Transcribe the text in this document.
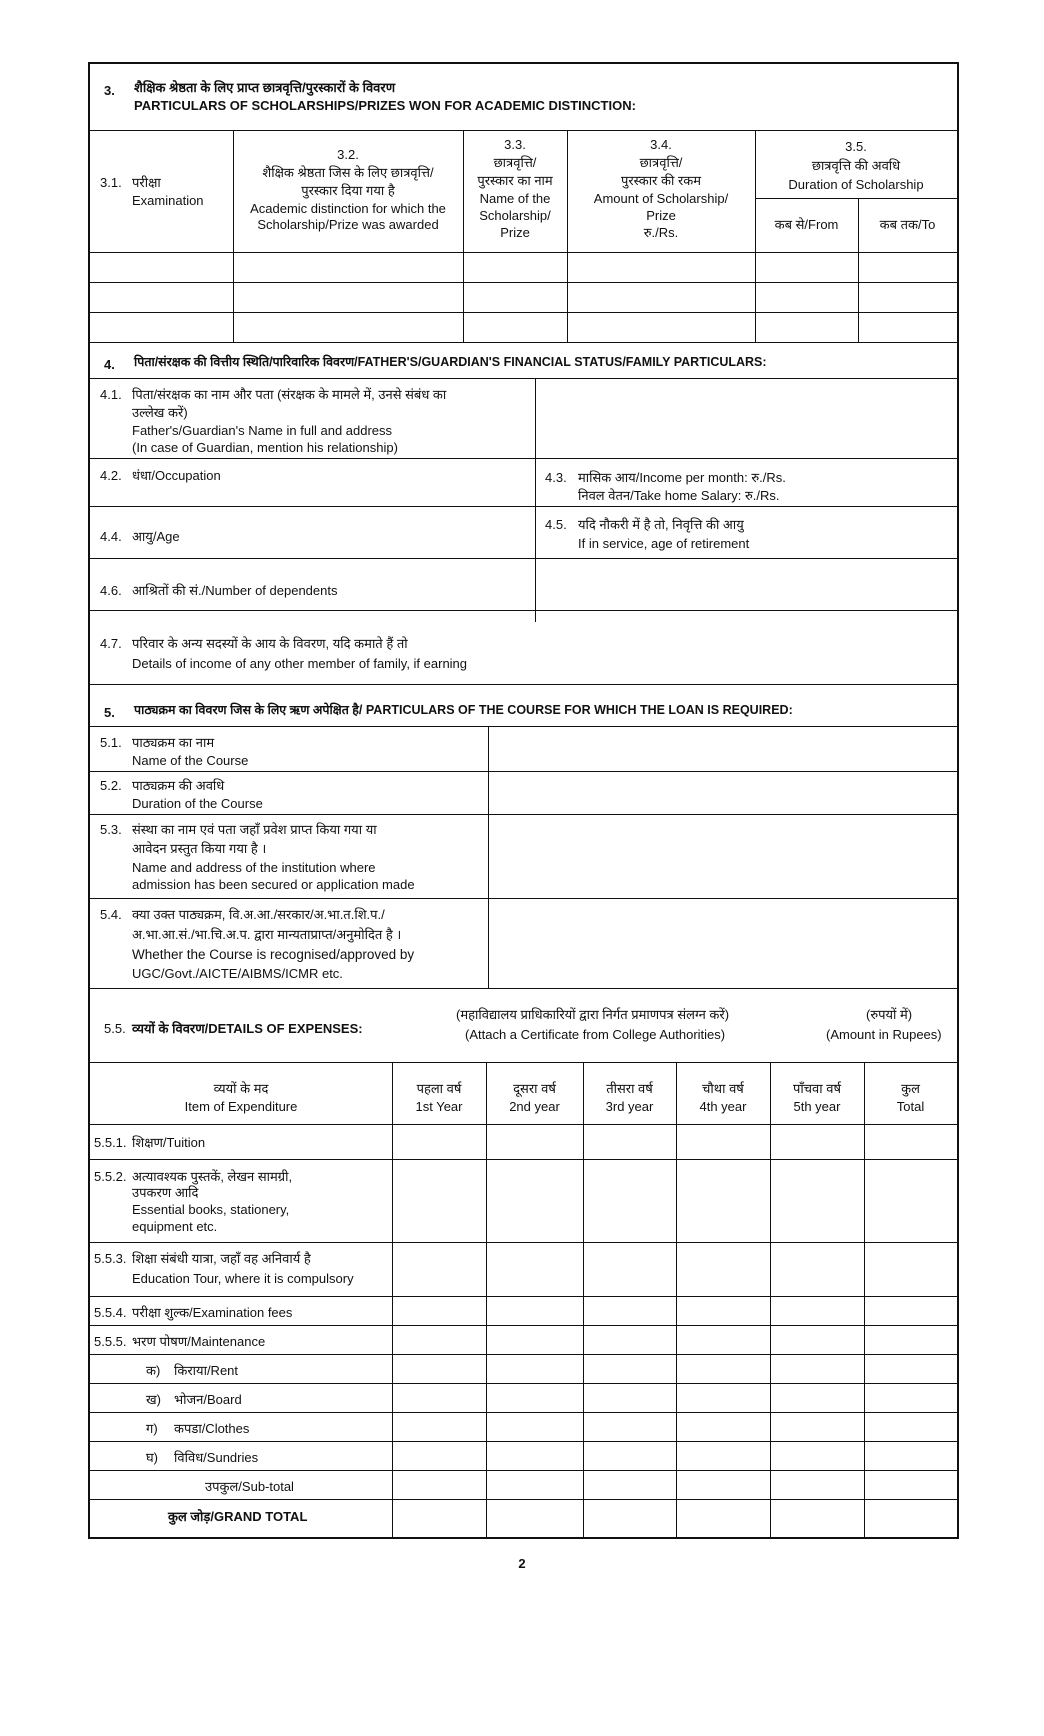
3. शैक्षिक श्रेष्ठता के लिए प्राप्त छात्रवृत्ति/पुरस्कारों के विवरण
PARTICULARS OF SCHOLARSHIPS/PRIZES WON FOR ACADEMIC DISTINCTION:
3.1. परीक्षा
Examination
3.2.
शैक्षिक श्रेष्ठता जिस के लिए छात्रवृत्ति/
पुरस्कार दिया गया है
Academic distinction for which the
Scholarship/Prize was awarded
3.3.
छात्रवृत्ति/
पुरस्कार का नाम
Name of the
Scholarship/
Prize
3.4.
छात्रवृत्ति/
पुरस्कार की रकम
Amount of Scholarship/
Prize
रु./Rs.
3.5.
छात्रवृत्ति की अवधि
Duration of Scholarship
कब से/From	कब तक/To
4. पिता/संरक्षक की वित्तीय स्थिति/पारिवारिक विवरण/FATHER'S/GUARDIAN'S FINANCIAL STATUS/FAMILY PARTICULARS:
4.1. पिता/संरक्षक का नाम और पता (संरक्षक के मामले में, उनसे संबंध का
उल्लेख करें)
Father's/Guardian's Name in full and address
(In case of Guardian, mention his relationship)
4.2. धंधा/Occupation	4.3. मासिक आय/Income per month: रु./Rs.
निवल वेतन/Take home Salary: रु./Rs.
4.4. आयु/Age
4.5. यदि नौकरी में है तो, निवृत्ति की आयु
If in service, age of retirement
4.6. आश्रितों की सं./Number of dependents
4.7. परिवार के अन्य सदस्यों के आय के विवरण, यदि कमाते हैं तो
Details of income of any other member of family, if earning
5. पाठ्यक्रम का विवरण जिस के लिए ऋण अपेक्षित है/ PARTICULARS OF THE COURSE FOR WHICH THE LOAN IS REQUIRED:
5.1. पाठ्यक्रम का नाम
Name of the Course
5.2. पाठ्यक्रम की अवधि
Duration of the Course
5.3. संस्था का नाम एवं पता जहाँ प्रवेश प्राप्त किया गया या
आवेदन प्रस्तुत किया गया है ।
Name and address of the institution where
admission has been secured or application made
5.4. क्या उक्त पाठ्यक्रम, वि.अ.आ./सरकार/अ.भा.त.शि.प./
अ.भा.आ.सं./भा.चि.अ.प. द्वारा मान्यताप्राप्त/अनुमोदित है ।
Whether the Course is recognised/approved by
UGC/Govt./AICTE/AIBMS/ICMR etc.
5.5. व्ययों के विवरण/DETAILS OF EXPENSES:
(महाविद्यालय प्राधिकारियों द्वारा निर्गत प्रमाणपत्र संलग्न करें)
(Attach a Certificate from College Authorities)
(रुपयों में)
(Amount in Rupees)
व्ययों के मद
Item of Expenditure
पहला वर्ष
1st Year
दूसरा वर्ष
2nd year
तीसरा वर्ष
3rd year
चौथा वर्ष
4th year
पाँचवा वर्ष
5th year
कुल
Total
5.5.1. शिक्षण/Tuition
5.5.2. अत्यावश्यक पुस्तकें, लेखन सामग्री,
उपकरण आदि
Essential books, stationery,
equipment etc.
5.5.3. शिक्षा संबंधी यात्रा, जहाँ वह अनिवार्य है
Education Tour, where it is compulsory
5.5.4. परीक्षा शुल्क/Examination fees
5.5.5. भरण पोषण/Maintenance
क) किराया/Rent
ख) भोजन/Board
ग) कपडा/Clothes
घ) विविध/Sundries
उपकुल/Sub-total
कुल जोड़/GRAND TOTAL
2
